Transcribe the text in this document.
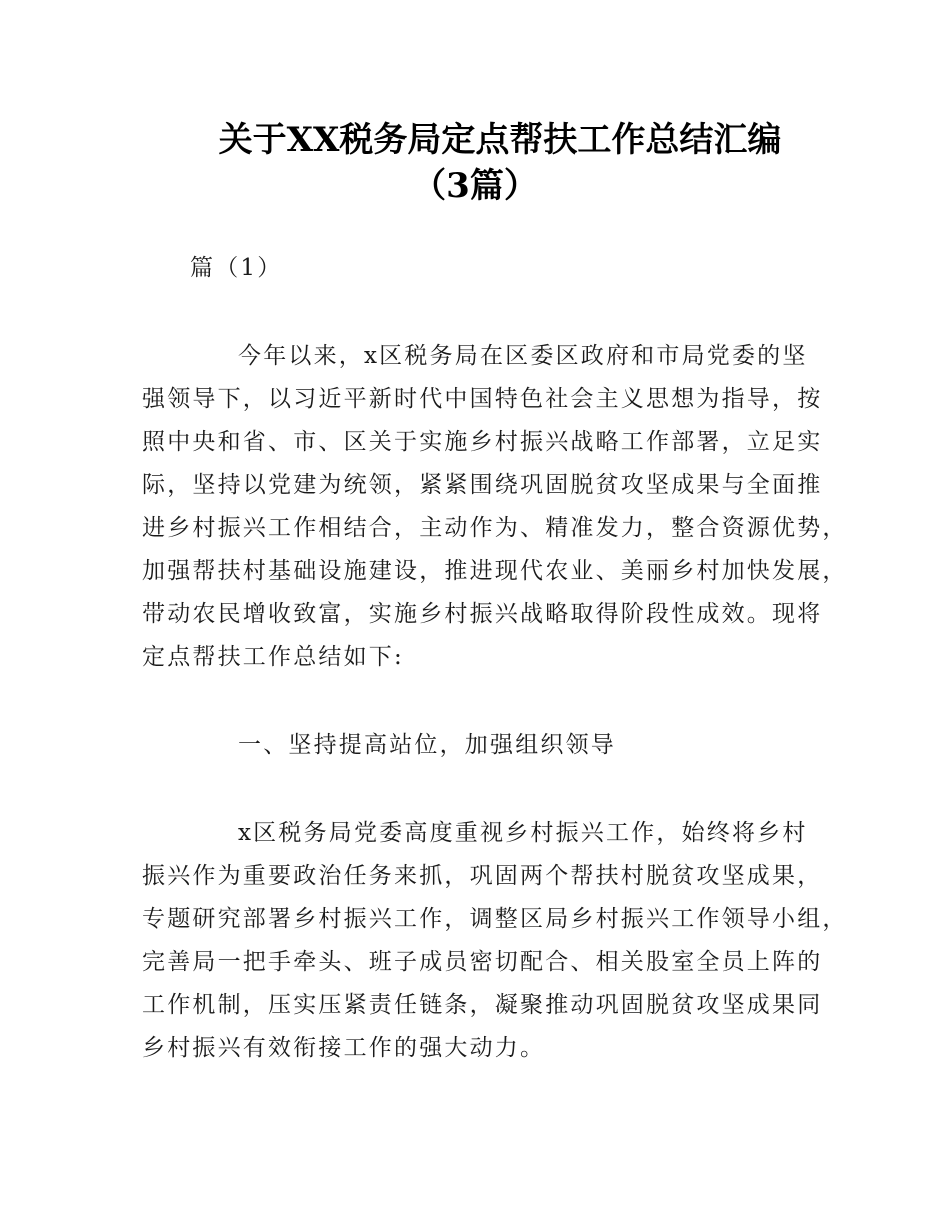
关于XX税务局定点帮扶工作总结汇编
（3篇）
篇（1）
今年以来，x区税务局在区委区政府和市局党委的坚
强领导下，以习近平新时代中国特色社会主义思想为指导，按
照中央和省、市、区关于实施乡村振兴战略工作部署，立足实
际，坚持以党建为统领，紧紧围绕巩固脱贫攻坚成果与全面推
进乡村振兴工作相结合，主动作为、精准发力，整合资源优势，
加强帮扶村基础设施建设，推进现代农业、美丽乡村加快发展，
带动农民增收致富，实施乡村振兴战略取得阶段性成效。现将
定点帮扶工作总结如下:
一、坚持提高站位，加强组织领导
x区税务局党委高度重视乡村振兴工作，始终将乡村
振兴作为重要政治任务来抓，巩固两个帮扶村脱贫攻坚成果，
专题研究部署乡村振兴工作，调整区局乡村振兴工作领导小组，
完善局一把手牵头、班子成员密切配合、相关股室全员上阵的
工作机制，压实压紧责任链条，凝聚推动巩固脱贫攻坚成果同
乡村振兴有效衔接工作的强大动力。
